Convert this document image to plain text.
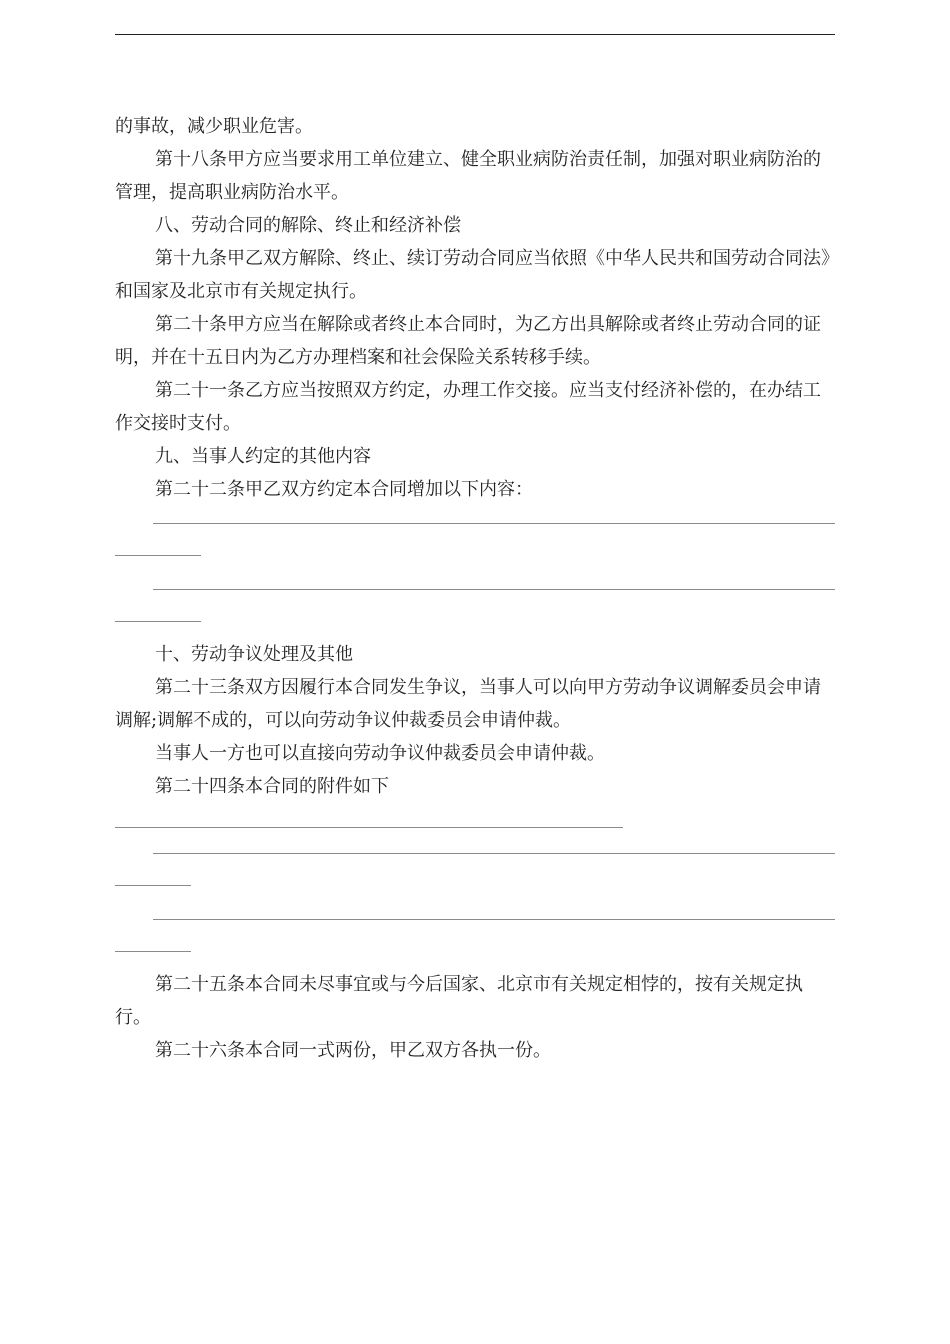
的事故，减少职业危害。

第十八条甲方应当要求用工单位建立、健全职业病防治责任制，加强对职业病防治的管理，提高职业病防治水平。

八、劳动合同的解除、终止和经济补偿

第十九条甲乙双方解除、终止、续订劳动合同应当依照《中华人民共和国劳动合同法》和国家及北京市有关规定执行。

第二十条甲方应当在解除或者终止本合同时，为乙方出具解除或者终止劳动合同的证明，并在十五日内为乙方办理档案和社会保险关系转移手续。

第二十一条乙方应当按照双方约定，办理工作交接。应当支付经济补偿的，在办结工作交接时支付。

九、当事人约定的其他内容

第二十二条甲乙双方约定本合同增加以下内容：

十、劳动争议处理及其他

第二十三条双方因履行本合同发生争议，当事人可以向甲方劳动争议调解委员会申请调解;调解不成的，可以向劳动争议仲裁委员会申请仲裁。

当事人一方也可以直接向劳动争议仲裁委员会申请仲裁。

第二十四条本合同的附件如下

第二十五条本合同未尽事宜或与今后国家、北京市有关规定相悖的，按有关规定执行。

第二十六条本合同一式两份，甲乙双方各执一份。
